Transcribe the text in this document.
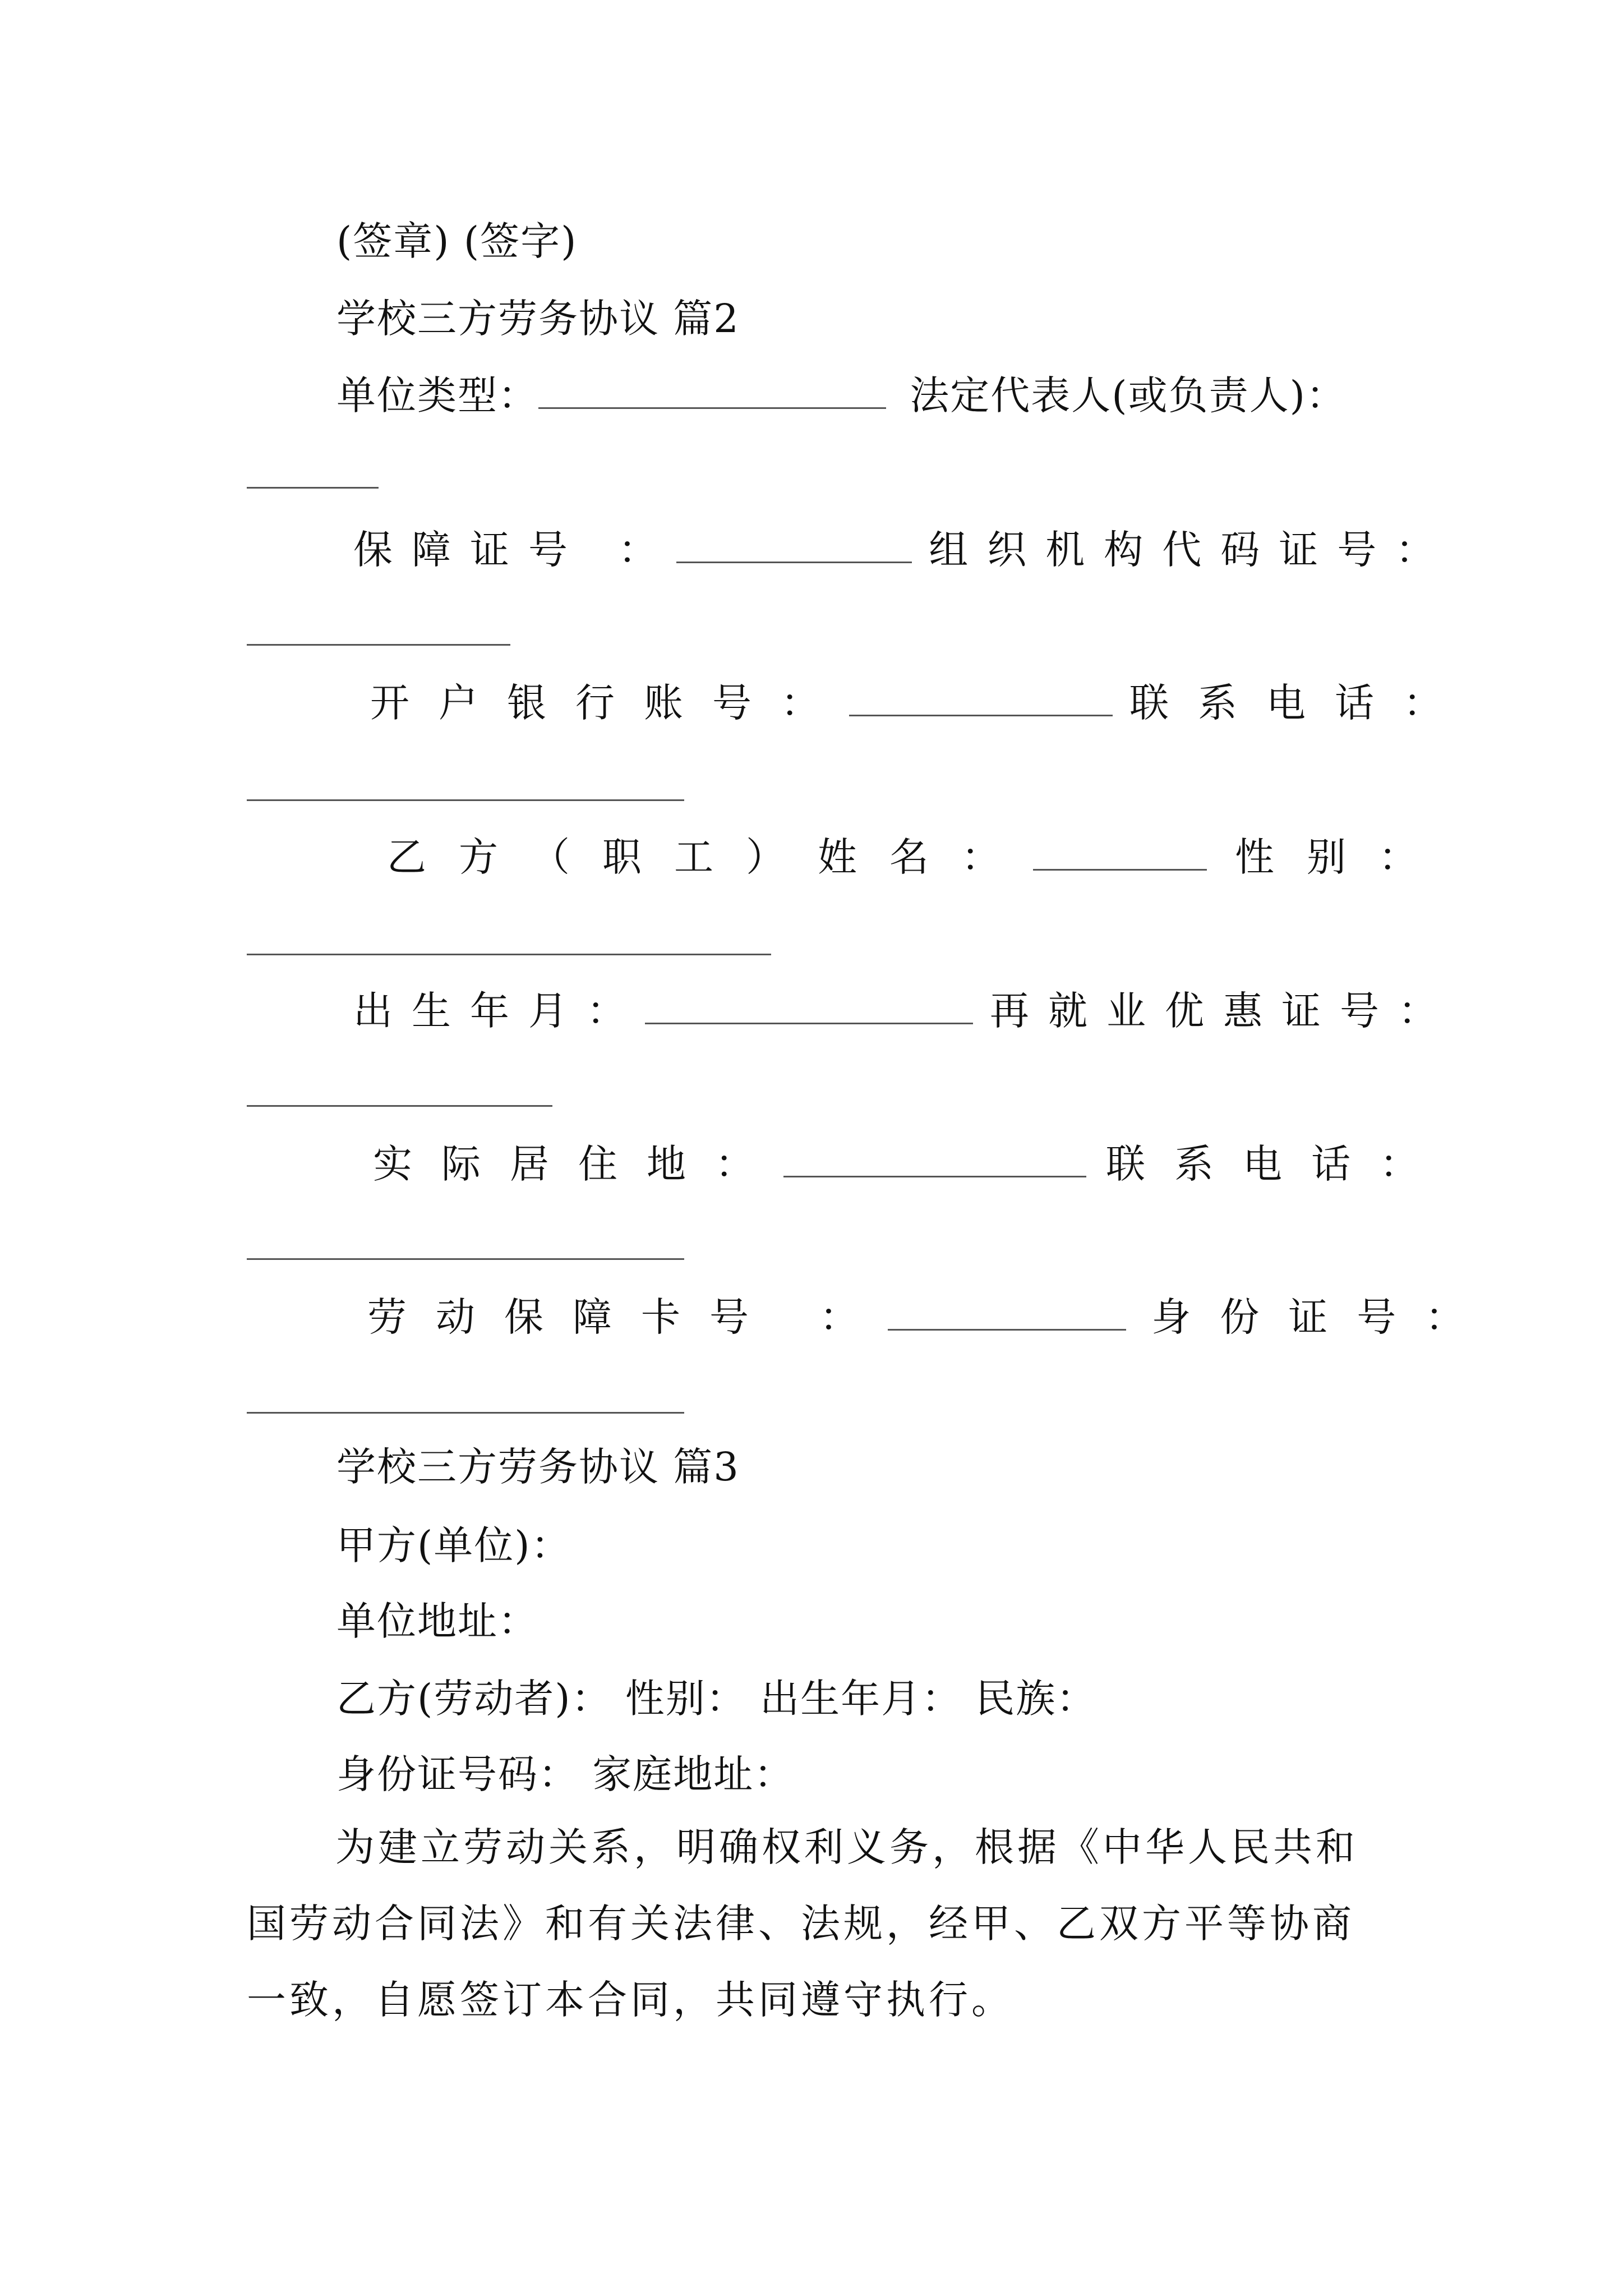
(签章) (签字)
学校三方劳务协议 篇2
单位类型：	法定代表人(或负责人)：
保障证号 ：	组织机构代码证号：
开户银行账号：	联系电话：
乙方（职工）姓名：	性别：
出生年月：	再就业优惠证号：
实际居住地：	联系电话：
劳动保障卡号 ：	身份证号：
学校三方劳务协议 篇3
甲方(单位)：
单位地址：
乙方(劳动者)： 性别： 出生年月： 民族：
身份证号码： 家庭地址：
为建立劳动关系，明确权利义务，根据《中华人民共和国劳动合同法》和有关法律、法规，经甲、乙双方平等协商一致，自愿签订本合同，共同遵守执行。
